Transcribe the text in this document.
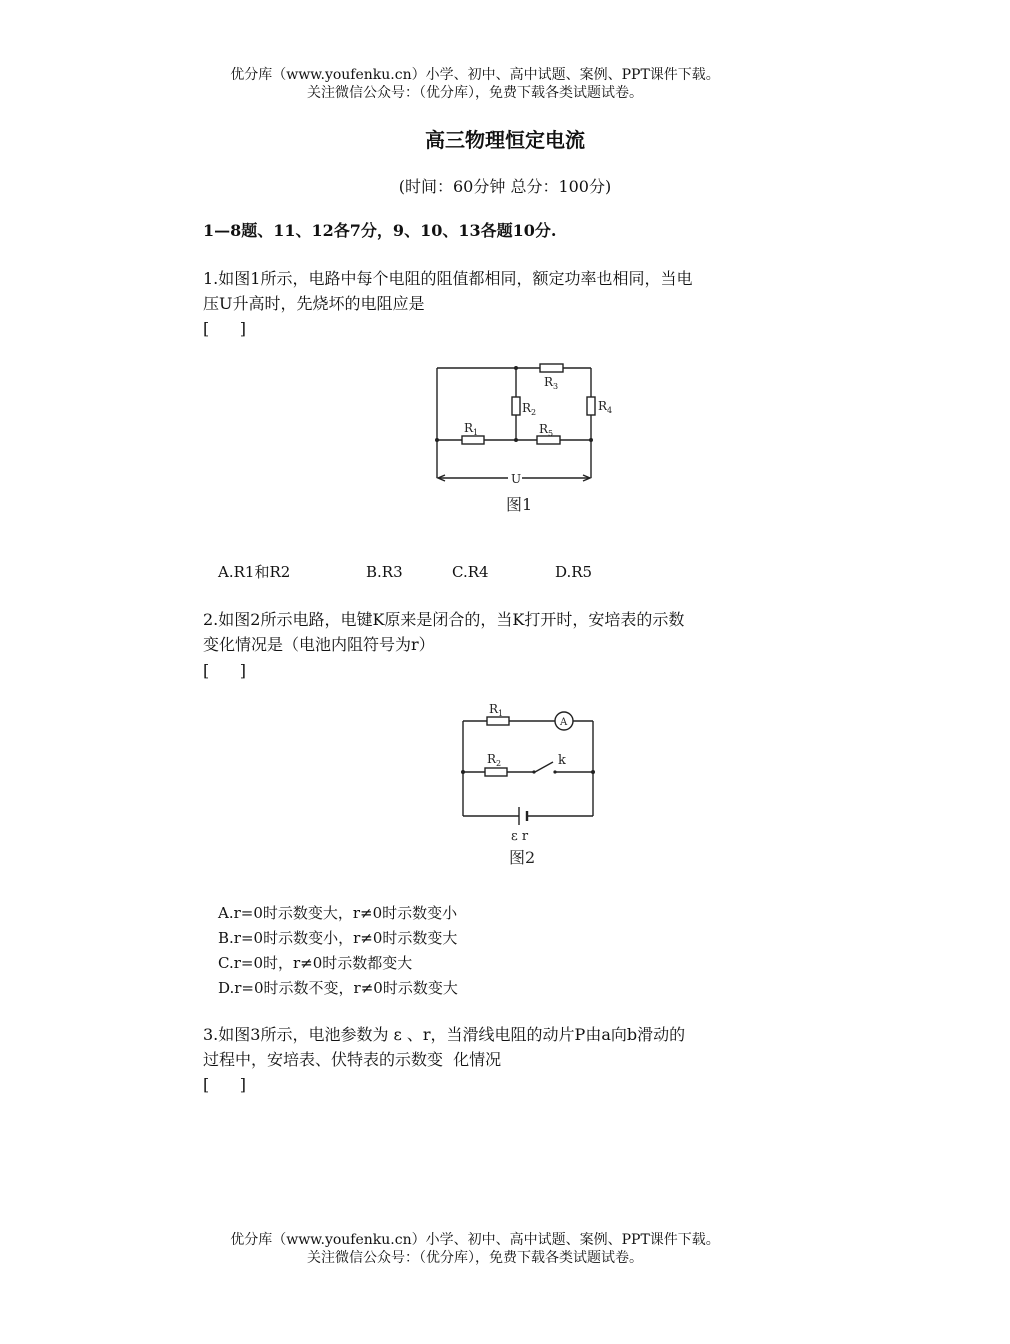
优分库（www.youfenku.cn）小学、初中、高中试题、案例、PPT课件下载。
关注微信公众号：（优分库），免费下载各类试题试卷。
高三物理恒定电流
(时间：60分钟 总分：100分)
1—8题、11、12各7分，9、10、13各题10分.
1.如图1所示，电路中每个电阻的阻值都相同，额定功率也相同，当电
压U升高时，先烧坏的电阻应是
[      ]
$R_1$
$R_2$
$R_3$
$R_4$
$R_5$
U
图1
A.R1和R2	B.R3	C.R4	D.R5
2.如图2所示电路，电键K原来是闭合的，当K打开时，安培表的示数
变化情况是（电池内阻符号为r）
[      ]
$R_1$
$R_2$
A
k
ε r
图2
A.r=0时示数变大，r≠0时示数变小
B.r=0时示数变小，r≠0时示数变大
C.r=0时，r≠0时示数都变大
D.r=0时示数不变，r≠0时示数变大
3.如图3所示，电池参数为 ε 、r，当滑线电阻的动片P由a向b滑动的
过程中，安培表、伏特表的示数变  化情况
[      ]
优分库（www.youfenku.cn）小学、初中、高中试题、案例、PPT课件下载。
关注微信公众号：（优分库），免费下载各类试题试卷。
